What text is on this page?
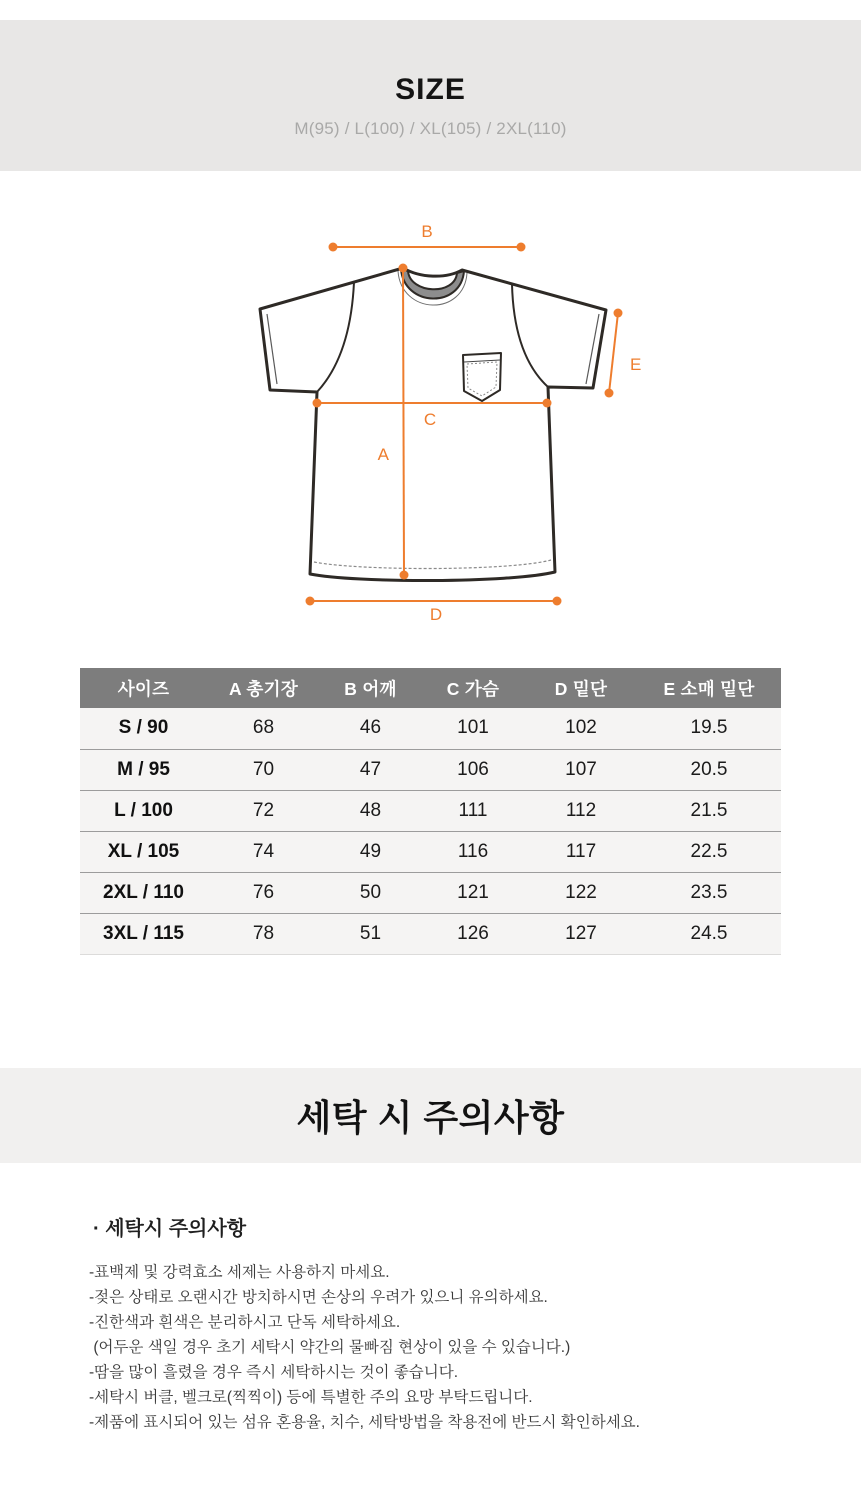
SIZE
M(95) / L(100) / XL(105) / 2XL(110)
B
A
C
D
E
사이즈	A 총기장	B 어깨	C 가슴	D 밑단	E 소매 밑단
S / 90	68	46	101	102	19.5
M / 95	70	47	106	107	20.5
L / 100	72	48	111	112	21.5
XL / 105	74	49	116	117	22.5
2XL / 110	76	50	121	122	23.5
3XL / 115	78	51	126	127	24.5
세탁 시 주의사항
· 세탁시 주의사항
-표백제 및 강력효소 세제는 사용하지 마세요.
-젖은 상태로 오랜시간 방치하시면 손상의 우려가 있으니 유의하세요.
-진한색과 흰색은 분리하시고 단독 세탁하세요.
(어두운 색일 경우 초기 세탁시 약간의 물빠짐 현상이 있을 수 있습니다.)
-땀을 많이 흘렸을 경우 즉시 세탁하시는 것이 좋습니다.
-세탁시 버클, 벨크로(찍찍이) 등에 특별한 주의 요망 부탁드립니다.
-제품에 표시되어 있는 섬유 혼용율, 치수, 세탁방법을 착용전에 반드시 확인하세요.
